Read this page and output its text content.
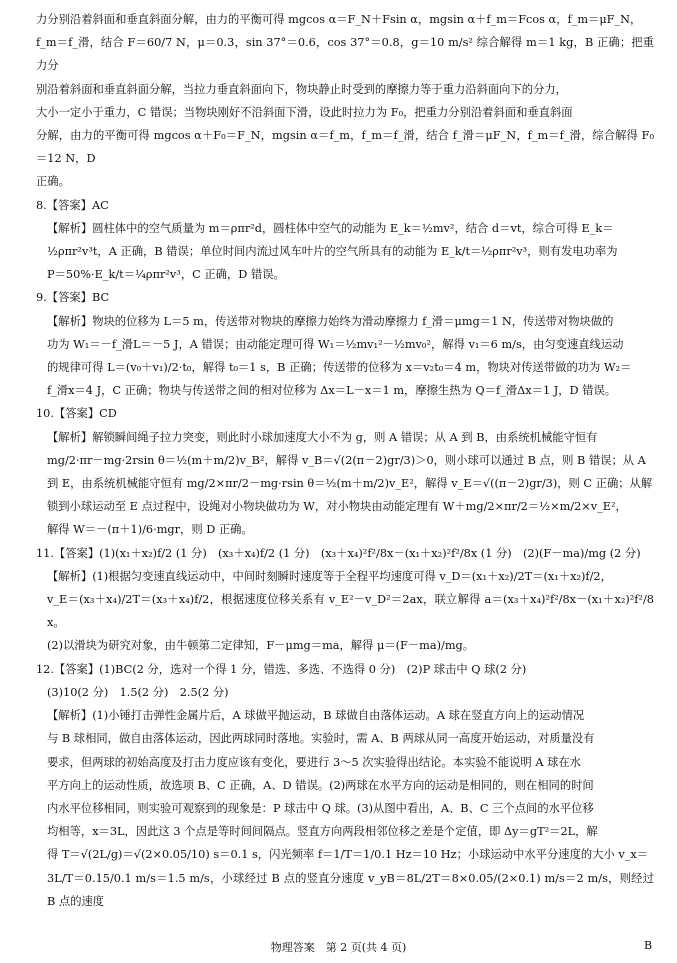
力分别沿着斜面和垂直斜面分解，由力的平衡可得 mgcos α＝F_N＋Fsin α，mgsin α＋f_m＝Fcos α，f_m＝μF_N，

f_m＝f_滑，结合 F＝60/7 N，μ＝0.3，sin 37°＝0.6，cos 37°＝0.8，g＝10 m/s² 综合解得 m＝1 kg，B 正确；把重力分

别沿着斜面和垂直斜面分解，当拉力垂直斜面向下，物块静止时受到的摩擦力等于重力沿斜面向下的分力，

大小一定小于重力，C 错误；当物块刚好不沿斜面下滑，设此时拉力为 F₀，把重力分别沿着斜面和垂直斜面

分解，由力的平衡可得 mgcos α＋F₀＝F_N，mgsin α＝f_m，f_m＝f_滑，结合 f_滑＝μF_N，f_m＝f_滑，综合解得 F₀＝12 N，D

正确。

8.【答案】AC

【解析】圆柱体中的空气质量为 m＝ρπr²d，圆柱体中空气的动能为 E_k＝½mv²，结合 d＝vt，综合可得 E_k＝

½ρπr²v³t，A 正确，B 错误；单位时间内流过风车叶片的空气所具有的动能为 E_k/t＝½ρπr²v³，则有发电功率为

P＝50%·E_k/t＝¼ρπr²v³，C 正确，D 错误。

9.【答案】BC

【解析】物块的位移为 L＝5 m，传送带对物块的摩擦力始终为滑动摩擦力 f_滑＝μmg＝1 N，传送带对物块做的

功为 W₁＝－f_滑L＝－5 J，A 错误；由动能定理可得 W₁＝½mv₁²－½mv₀²，解得 v₁＝6 m/s，由匀变速直线运动

的规律可得 L＝(v₀＋v₁)/2·t₀，解得 t₀＝1 s，B 正确；传送带的位移为 x＝v₂t₀＝4 m，物块对传送带做的功为 W₂＝

f_滑x＝4 J，C 正确；物块与传送带之间的相对位移为 Δx＝L－x＝1 m，摩擦生热为 Q＝f_滑Δx＝1 J，D 错误。

10.【答案】CD

【解析】解锁瞬间绳子拉力突变，则此时小球加速度大小不为 g，则 A 错误；从 A 到 B，由系统机械能守恒有

mg/2·πr－mg·2rsin θ＝½(m＋m/2)v_B²，解得 v_B＝√(2(π－2)gr/3)＞0，则小球可以通过 B 点，则 B 错误；从 A

到 E，由系统机械能守恒有 mg/2×πr/2－mg·rsin θ＝½(m＋m/2)v_E²，解得 v_E＝√((π－2)gr/3)，则 C 正确；从解

锁到小球运动至 E 点过程中，设绳对小物块做功为 W，对小物块由动能定理有 W＋mg/2×πr/2＝½×m/2×v_E²，

解得 W＝－(π＋1)/6·mgr，则 D 正确。

11.【答案】(1)(x₁＋x₂)f/2 (1 分)　(x₃＋x₄)f/2 (1 分)　(x₃＋x₄)²f²/8x－(x₁＋x₂)²f²/8x (1 分)　(2)(F－ma)/mg (2 分)

【解析】(1)根据匀变速直线运动中，中间时刻瞬时速度等于全程平均速度可得 v_D＝(x₁＋x₂)/2T＝(x₁＋x₂)f/2，

v_E＝(x₃＋x₄)/2T＝(x₃＋x₄)f/2，根据速度位移关系有 v_E²－v_D²＝2ax，联立解得 a＝(x₃＋x₄)²f²/8x－(x₁＋x₂)²f²/8x。

(2)以滑块为研究对象，由牛顿第二定律知，F－μmg＝ma，解得 μ＝(F－ma)/mg。

12.【答案】(1)BC(2 分，选对一个得 1 分，错选、多选、不选得 0 分)　(2)P 球击中 Q 球(2 分)

(3)10(2 分)　1.5(2 分)　2.5(2 分)

【解析】(1)小锤打击弹性金属片后，A 球做平抛运动，B 球做自由落体运动。A 球在竖直方向上的运动情况

与 B 球相同，做自由落体运动，因此两球同时落地。实验时，需 A、B 两球从同一高度开始运动，对质量没有

要求，但两球的初始高度及打击力度应该有变化，要进行 3～5 次实验得出结论。本实验不能说明 A 球在水

平方向上的运动性质，故选项 B、C 正确，A、D 错误。(2)两球在水平方向的运动是相同的，则在相同的时间

内水平位移相同，则实验可观察到的现象是：P 球击中 Q 球。(3)从图中看出，A、B、C 三个点间的水平位移

均相等，x＝3L，因此这 3 个点是等时间间隔点。竖直方向两段相邻位移之差是个定值，即 Δy＝gT²＝2L，解

得 T＝√(2L/g)＝√(2×0.05/10) s＝0.1 s，闪光频率 f＝1/T＝1/0.1 Hz＝10 Hz；小球运动中水平分速度的大小 v_x＝

3L/T＝0.15/0.1 m/s＝1.5 m/s，小球经过 B 点的竖直分速度 v_yB＝8L/2T＝8×0.05/(2×0.1) m/s＝2 m/s，则经过 B 点的速度

物理答案　第 2 页(共 4 页)	B
